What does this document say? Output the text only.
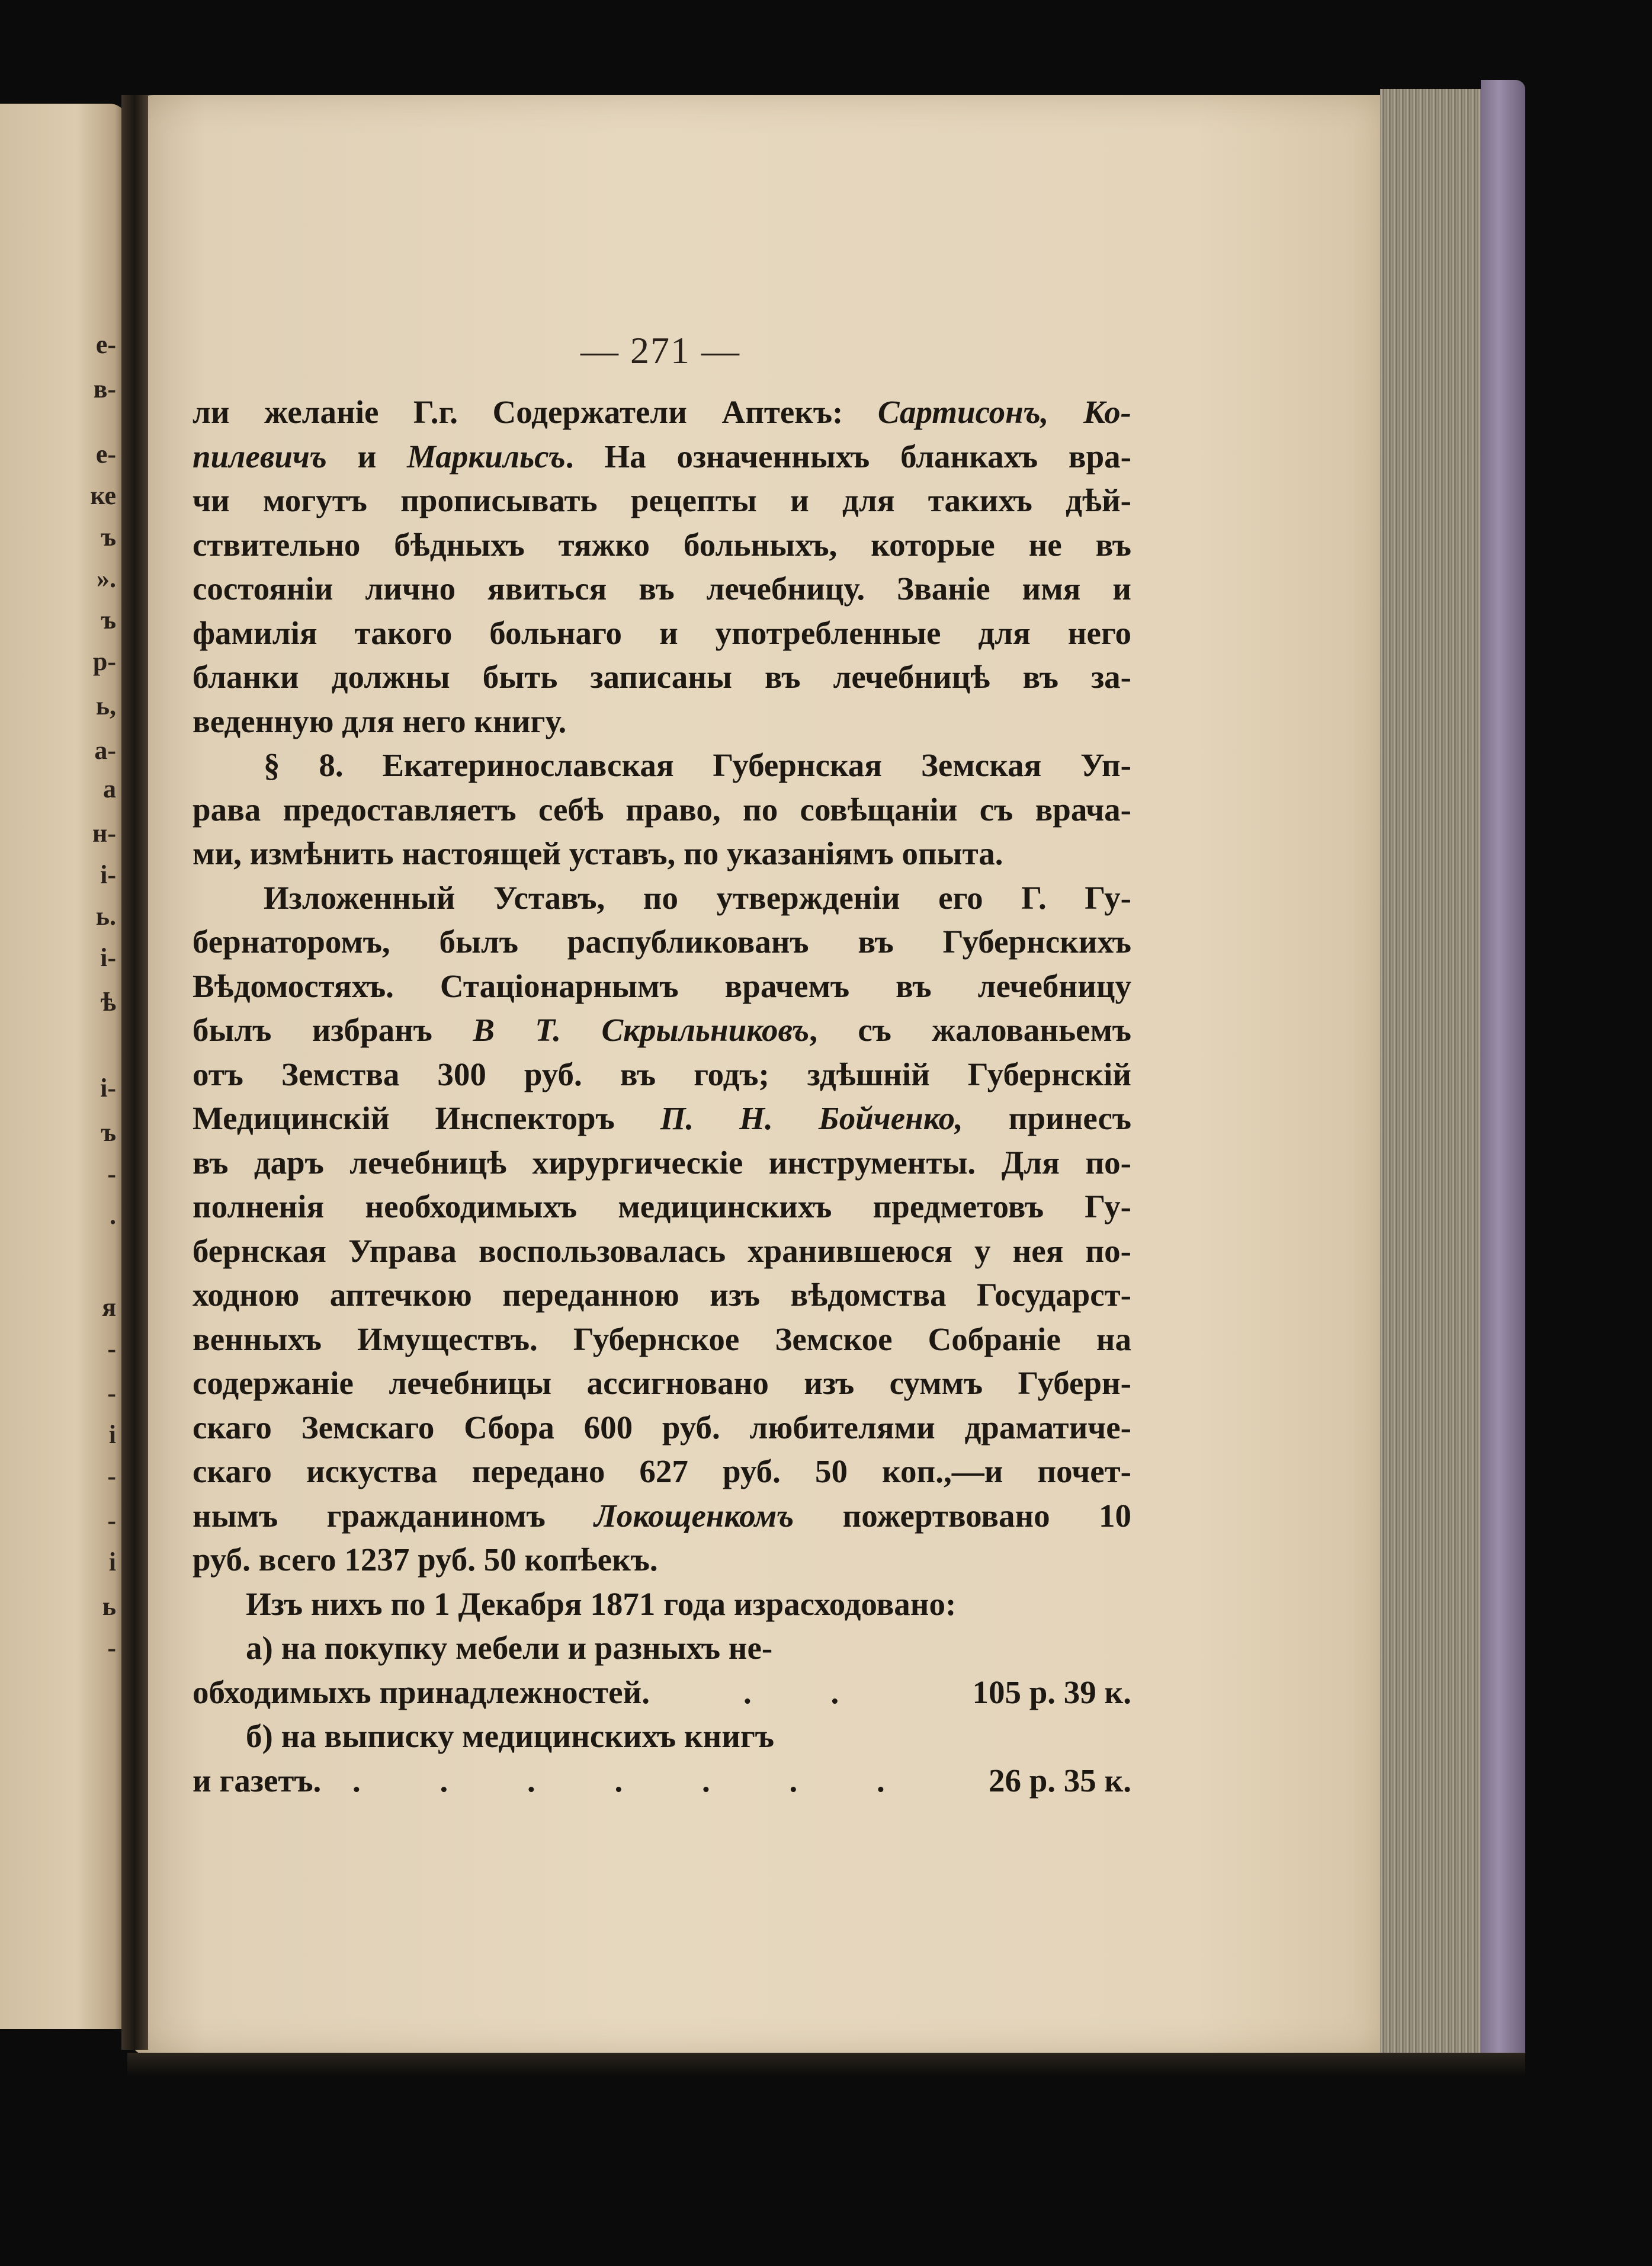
е-
в-
е-
ке
ъ
».
ъ
р-
ь,
а-
а
н-
і-
ь.
і-
ѣ
і-
ъ
-
.
я
-
-
і
-
-
і
ь
-
— 271 —
ли желаніе Г.г. Содержатели Аптекъ: Сартисонъ, Ко-
пилевичъ и Маркильсъ. На означенныхъ бланкахъ вра-
чи могутъ прописывать рецепты и для такихъ дѣй-
ствительно бѣдныхъ тяжко больныхъ, которые не въ
состояніи лично явиться въ лечебницу. Званіе имя и
фамилія такого больнаго и употребленные для него
бланки должны быть записаны въ лечебницѣ въ за-
веденную для него книгу.
§ 8. Екатеринославская Губернская Земская Уп-
рава предоставляетъ себѣ право, по совѣщаніи съ врача-
ми, измѣнить настоящей уставъ, по указаніямъ опыта.
Изложенный Уставъ, по утвержденіи его Г. Гу-
бернаторомъ, былъ распубликованъ въ Губернскихъ
Вѣдомостяхъ. Стаціонарнымъ врачемъ въ лечебницу
былъ избранъ В Т. Скрыльниковъ, съ жалованьемъ
отъ Земства 300 руб. въ годъ; здѣшній Губернскій
Медицинскій Инспекторъ П. Н. Бойченко, принесъ
въ даръ лечебницѣ хирургическіе инструменты. Для по-
полненія необходимыхъ медицинскихъ предметовъ Гу-
бернская Управа воспользовалась хранившеюся у нея по-
ходною аптечкою переданною изъ вѣдомства Государст-
венныхъ Имуществъ. Губернское Земское Собраніе на
содержаніе лечебницы ассигновано изъ суммъ Губерн-
скаго Земскаго Сбора 600 руб. любителями драматиче-
скаго искуства передано 627 руб. 50 коп.,—и почет-
нымъ гражданиномъ Локощенкомъ пожертвовано 10
руб. всего 1237 руб. 50 копѣекъ.
Изъ нихъ по 1 Декабря 1871 года израсходовано:
а) на покупку мебели и разныхъ не-
обходимыхъ принадлежностей.	. .	105 р. 39 к.
б) на выписку медицинскихъ книгъ
и газетъ. . . . . . . . 26 р. 35 к.
